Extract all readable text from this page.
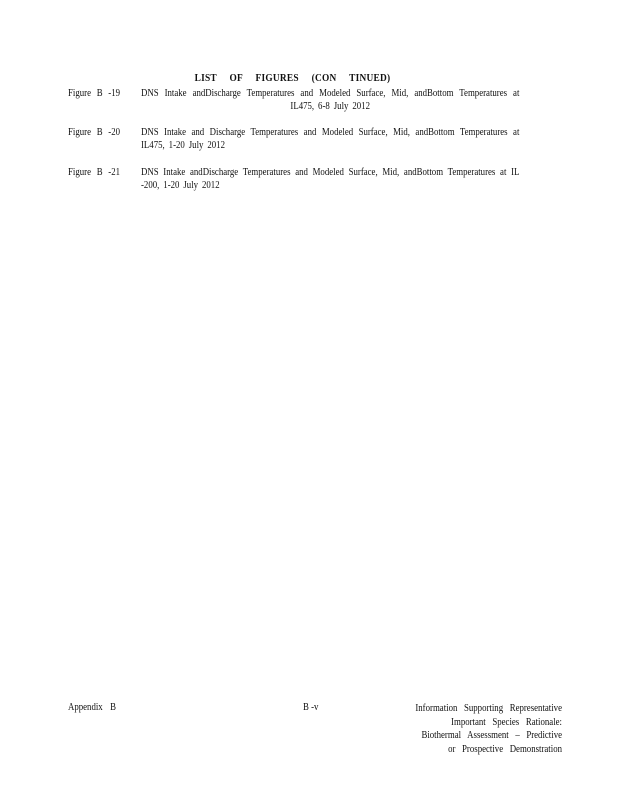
LIST OF FIGURES (CON TINUED)
Figure B -19	DNS Intake andDischarge Temperatures and Modeled Surface, Mid, andBottom Temperatures at IL475, 6-8 July 2012
Figure B -20	DNS Intake and Discharge Temperatures and Modeled Surface, Mid, andBottom Temperatures at IL475, 1-20 July 2012
Figure B -21	DNS Intake andDischarge Temperatures and Modeled Surface, Mid, andBottom Temperatures at IL -200, 1-20 July 2012
Appendix B	B -v	Information Supporting Representative
Important Species Rationale:
Biothermal Assessment – Predictive
or Prospective Demonstration
